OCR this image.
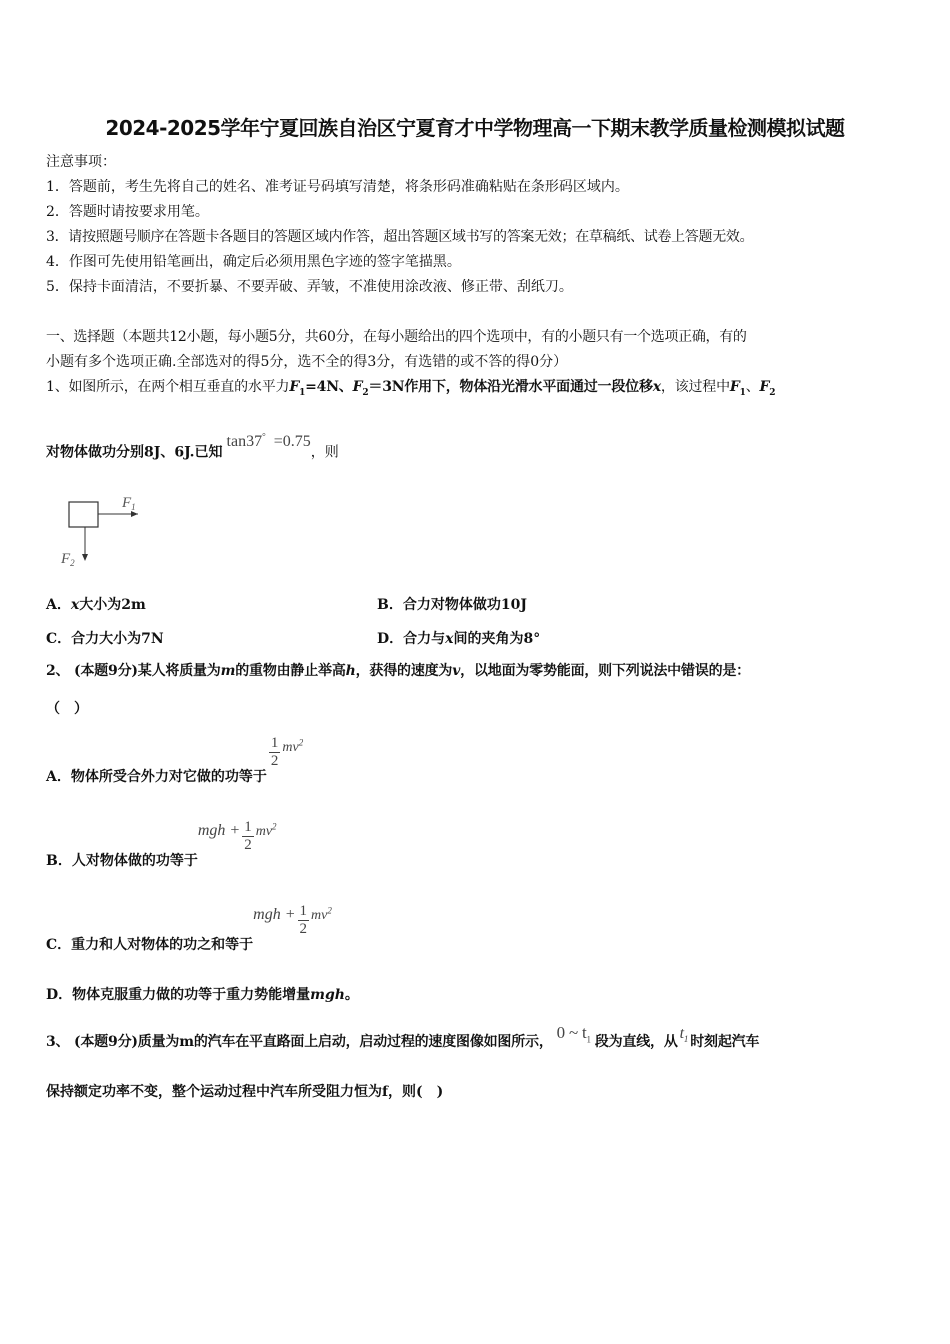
2024-2025学年宁夏回族自治区宁夏育才中学物理高一下期末教学质量检测模拟试题
注意事项：
1．答题前，考生先将自己的姓名、准考证号码填写清楚，将条形码准确粘贴在条形码区域内。
2．答题时请按要求用笔。
3．请按照题号顺序在答题卡各题目的答题区域内作答，超出答题区域书写的答案无效；在草稿纸、试卷上答题无效。
4．作图可先使用铅笔画出，确定后必须用黑色字迹的签字笔描黑。
5．保持卡面清洁，不要折暴、不要弄破、弄皱，不准使用涂改液、修正带、刮纸刀。
一、选择题（本题共12小题，每小题5分，共60分，在每小题给出的四个选项中，有的小题只有一个选项正确，有的
小题有多个选项正确.全部选对的得5分，选不全的得3分，有选错的或不答的得0分）
1、如图所示，在两个相互垂直的水平力$F_1=4N$、$F_2=3N$作用下，物体沿光滑水平面通过一段位移x，该过程中$F_1$、$F_2$
对物体做功分别8J、6J.已知tan37° =0.75，则
$F_1$
$F_2$
A．x大小为2m	B．合力对物体做功10J
C．合力大小为7N	D．合力与x间的夹角为8°
2、 (本题9分)某人将质量为m的重物由静止举高h，获得的速度为v，以地面为零势能面，则下列说法中错误的是：
（　）
A．物体所受合外力对它做的功等于
$\frac{1}{2} mv^2$
B．人对物体做的功等于mgh + $\frac{1}{2} mv^2$
C．重力和人对物体的功之和等于mgh + $\frac{1}{2} mv^2$
D．物体克服重力做的功等于重力势能增量mgh。
3、 (本题9分)质量为m的汽车在平直路面上启动，启动过程的速度图像如图所示， 0 ~ $t_1$ 段为直线，从 $t_1$ 时刻起汽车
保持额定功率不变，整个运动过程中汽车所受阻力恒为f，则(　)
